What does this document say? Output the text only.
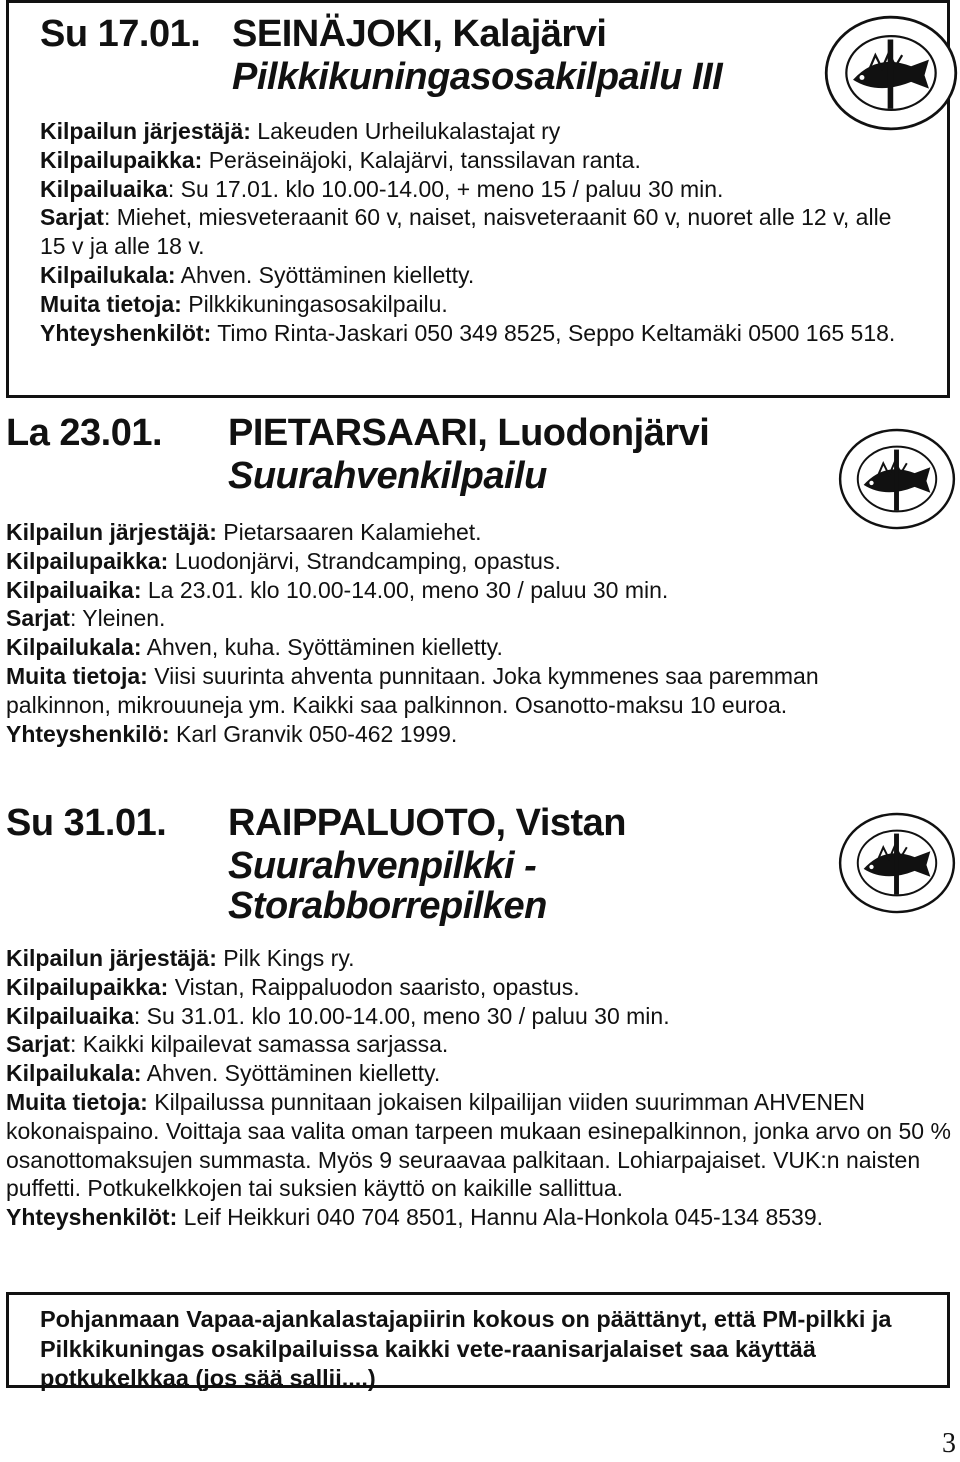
Su 17.01. SEINÄJOKI, Kalajärvi
Pilkkikuningasosakilpailu III

Kilpailun järjestäjä: Lakeuden Urheilukalastajat ry

Kilpailupaikka: Peräseinäjoki, Kalajärvi, tanssilavan ranta.

Kilpailuaika: Su 17.01. klo 10.00-14.00, + meno 15 / paluu 30 min.

Sarjat: Miehet, miesveteraanit 60 v, naiset, naisveteraanit 60 v, nuoret alle 12 v, alle 15 v ja alle 18 v.

Kilpailukala: Ahven. Syöttäminen kielletty.

Muita tietoja: Pilkkikuningasosakilpailu.

Yhteyshenkilöt: Timo Rinta-Jaskari 050 349 8525, Seppo Keltamäki 0500 165 518.

La 23.01. PIETARSAARI, Luodonjärvi
Suurahvenkilpailu

Kilpailun järjestäjä: Pietarsaaren Kalamiehet.

Kilpailupaikka: Luodonjärvi, Strandcamping, opastus.

Kilpailuaika: La 23.01. klo 10.00-14.00, meno 30 / paluu 30 min.

Sarjat: Yleinen.

Kilpailukala: Ahven, kuha. Syöttäminen kielletty.

Muita tietoja: Viisi suurinta ahventa punnitaan. Joka kymmenes saa paremman palkinnon, mikrouuneja ym. Kaikki saa palkinnon. Osanotto-maksu 10 euroa.

Yhteyshenkilö: Karl Granvik 050-462 1999.

Su 31.01. RAIPPALUOTO, Vistan
Suurahvenpilkki -
Storabborrepilken

Kilpailun järjestäjä: Pilk Kings ry.

Kilpailupaikka: Vistan, Raippaluodon saaristo, opastus.

Kilpailuaika: Su 31.01. klo 10.00-14.00, meno 30 / paluu 30 min.

Sarjat: Kaikki kilpailevat samassa sarjassa.

Kilpailukala: Ahven. Syöttäminen kielletty.

Muita tietoja: Kilpailussa punnitaan jokaisen kilpailijan viiden suurimman AHVENEN kokonaispaino. Voittaja saa valita oman tarpeen mukaan esinepalkinnon, jonka arvo on 50 % osanottomaksujen summasta. Myös 9 seuraavaa palkitaan. Lohiarpajaiset. VUK:n naisten puffetti. Potkukelkkojen tai suksien käyttö on kaikille sallittua.

Yhteyshenkilöt: Leif Heikkuri 040 704 8501, Hannu Ala-Honkola 045-134 8539.

Pohjanmaan Vapaa-ajankalastajapiirin kokous on päättänyt, että PM-pilkki ja Pilkkikuningas osakilpailuissa kaikki vete-raanisarjalaiset saa käyttää potkukelkkaa (jos sää sallii....)

3
